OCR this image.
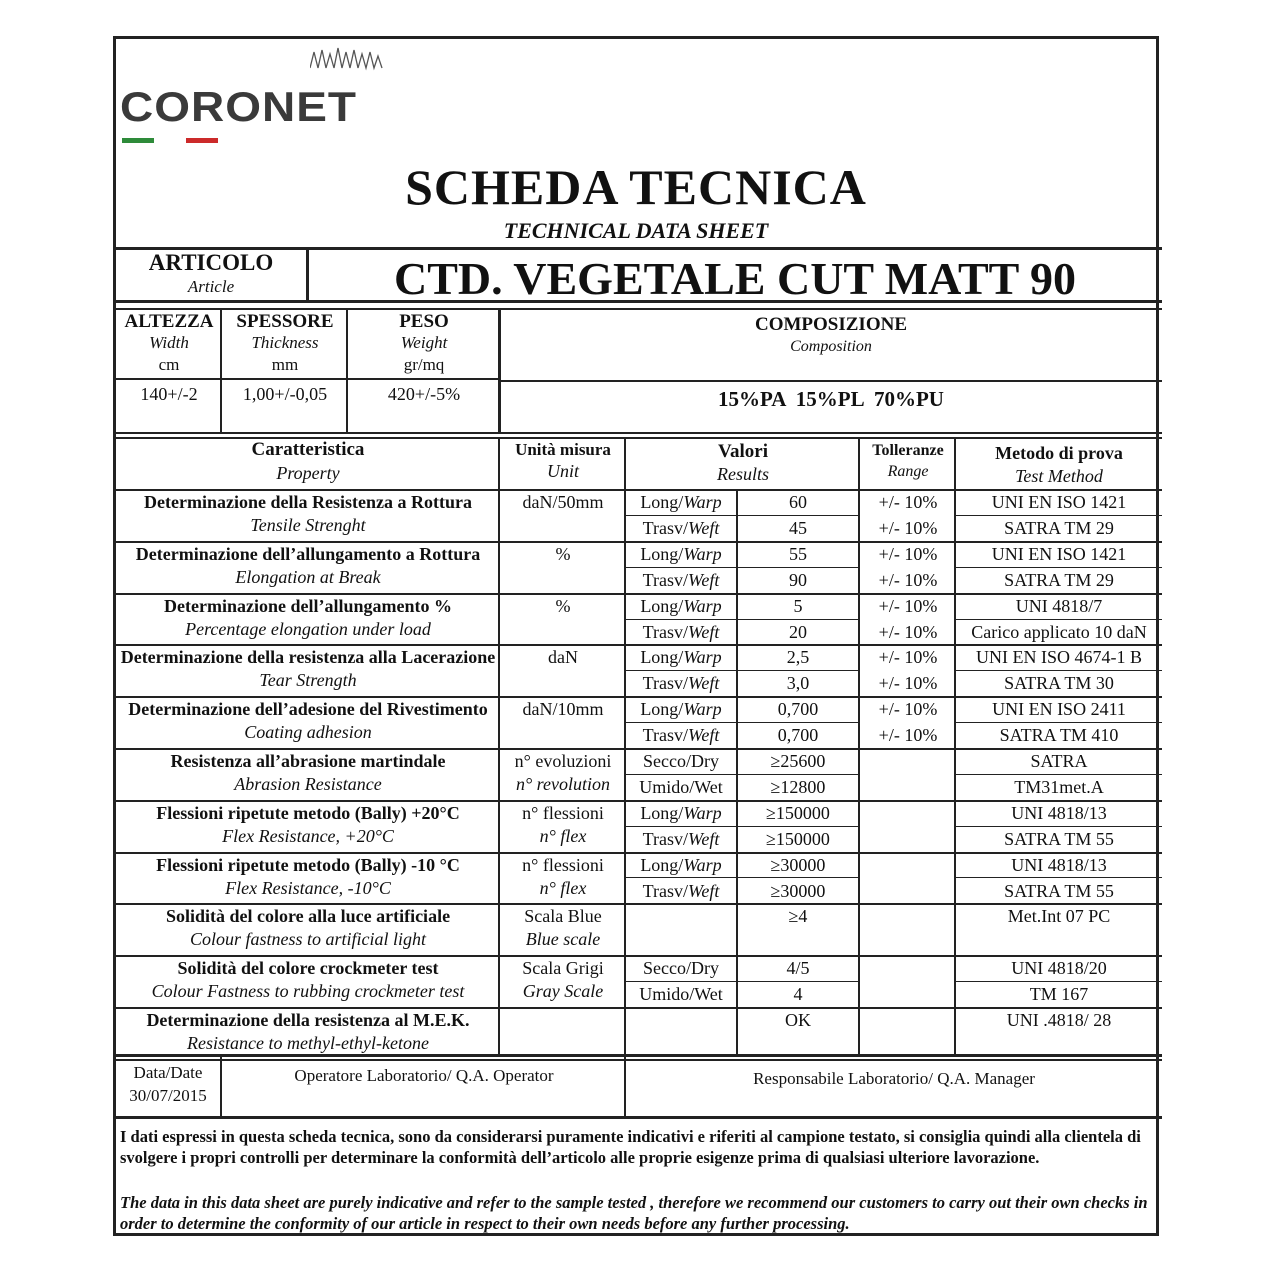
CORONET
SCHEDA TECNICA
TECHNICAL DATA SHEET
ARTICOLO
Article	CTD. VEGETALE CUT MATT 90
ALTEZZA
Width
cm
SPESSORE
Thickness
mm
PESO
Weight
gr/mq
COMPOSIZIONE
Composition
140+/-2	1,00+/-0,05	420+/-5%	15%PA  15%PL  70%PU
Caratteristica
Property
Unità misura
Unit
Valori
Results
Tolleranze
Range
Metodo di prova
Test Method
Determinazione della Resistenza a Rottura
Tensile Strenght
daN/50mm	Long/Warp	60	+/- 10%	UNI EN ISO 1421
Trasv/Weft	45	+/- 10%	SATRA TM 29
Determinazione dell’allungamento a Rottura
Elongation at Break
%	Long/Warp	55	+/- 10%	UNI EN ISO 1421
Trasv/Weft	90	+/- 10%	SATRA TM 29
Determinazione dell’allungamento %
Percentage elongation under load
%	Long/Warp	5	+/- 10%	UNI 4818/7
Trasv/Weft	20	+/- 10%	Carico applicato 10 daN
Determinazione della resistenza alla Lacerazione
Tear Strength
daN	Long/Warp	2,5	+/- 10%	UNI EN ISO 4674-1 B
Trasv/Weft	3,0	+/- 10%	SATRA TM 30
Determinazione dell’adesione del Rivestimento
Coating adhesion
daN/10mm	Long/Warp	0,700	+/- 10%	UNI EN ISO 2411
Trasv/Weft	0,700	+/- 10%	SATRA TM 410
Resistenza all’abrasione martindale
Abrasion Resistance
n° evoluzioni
n° revolution
Secco/Dry	≥25600	SATRA
Umido/Wet	≥12800	TM31met.A
Flessioni ripetute metodo (Bally) +20°C
Flex Resistance, +20°C
n° flessioni
n° flex
Long/Warp	≥150000	UNI 4818/13
Trasv/Weft	≥150000	SATRA TM 55
Flessioni ripetute metodo (Bally) -10 °C
Flex Resistance, -10°C
n° flessioni
n° flex
Long/Warp	≥30000	UNI 4818/13
Trasv/Weft	≥30000	SATRA TM 55
Solidità del colore alla luce artificiale
Colour fastness to artificial light
Scala Blue
Blue scale
≥4	Met.Int 07 PC
Solidità del colore crockmeter test
Colour Fastness to rubbing crockmeter test
Scala Grigi
Gray Scale
Secco/Dry	4/5	UNI 4818/20
Umido/Wet	4	TM 167
Determinazione della resistenza al M.E.K.
Resistance to methyl-ethyl-ketone
OK	UNI .4818/ 28
Data/Date
30/07/2015
Operatore Laboratorio/ Q.A. Operator	Responsabile Laboratorio/ Q.A. Manager
I dati espressi in questa scheda tecnica, sono da considerarsi puramente indicativi e riferiti al campione testato, si consiglia quindi alla clientela di svolgere i propri controlli per determinare la conformità dell’articolo alle proprie esigenze prima di qualsiasi ulteriore lavorazione.
The data in this data sheet are purely indicative and refer to the sample tested , therefore we recommend our customers to carry out their own checks in order to determine the conformity of our article in respect to their own needs before any further processing.
